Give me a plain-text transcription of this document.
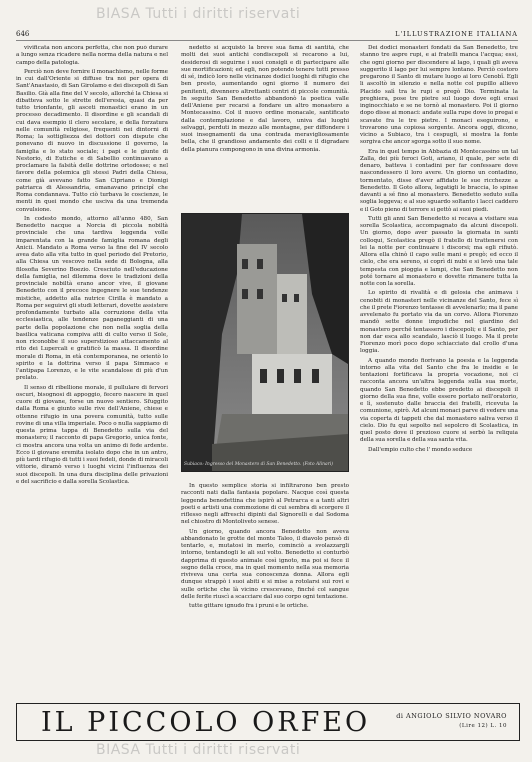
BIASA Tutti i diritti riservati
646	L'ILLUSTRAZIONE ITALIANA

vivificata non ancora perfetta, che non può durare a lungo senza ricadere nella norma della natura e nel campo della patologia.

Perciò non deve fornire il monachismo, nelle forme in cui dall'Oriente si diffuse tra noi per opera di Sant'Anastasio, di San Girolamo e dei discepoli di San Basilio. Già alla fine del V secolo, allorché la Chiesa si dibatteva sotto le strette dell'eresia, quasi da per tutto trionfante, gli asceti monastici erano in un processo decadimento. Il disordine e gli scandali di cui dava esempio il clero secolare, e della forzatura nelle comunità religiose, frequenti nei dintorni di Roma; la sottigliezza dei dottori con dispute che ponevano di nuovo in discussione il governo, la famiglia e lo stato sociale; i papi e le giunte di Nestorio, di Eutiche e di Sabellio continuavano a proclamare la falsità delle dottrine ortodosse; e nel favore della polemica gli stessi Padri della Chiesa, come già avevano fatto San Cipriano e Dionigi patriarca di Alessandria, emanavano principî che Roma condannava. Tutto ciò turbava le coscienze, le menti in quei mondo che usciva da una tremenda convulsione.

In codesto mondo, attorno all'anno 480, San Benedetto nacque a Norcia di piccola nobiltà provinciale che una tardiva leggenda volle imparentata con la grande famiglia romana degli Anicii. Mandato a Roma verso la fine del IV secolo avea dato alla vita tutto in quel periodo del Pretorio, alla Chiesa un vescovo nella sede di Bologna, alla filosofia Severino Boezio. Cresciuto nell'educazione della famiglia, nel dilemma dove le tradizioni della provinciale nobiltà erano ancor vive, il giovane Benedetto con il precoce ingegnere le sue tendenze mistiche, addetto alla nutrice Cirilla è mandato a Roma per seguirvi gli studi letterari, dovette assistere profondamente turbato alla corruzione della vita ecclesiastica, alle tendenze paganeggianti di una parte della popolazione che non nella soglia della basilica vaticana compiva atti di culto verso il Sole, non riconobbe il suo superstizioso attaccamento al rito dei Lupercali e gratificò la massa. Il disordine morale di Roma, in età contemporanea, ne orientò lo spirito e la dottrina verso il papa Simmaco e l'antipapa Lorenzo, e le vite scandalose di più d'un prelato.

Il senso di ribellione morale, il pullulare di fervori oscuri, bisognosi di appoggio, fecero nascere in quel cuore di giovane, forse un nuovo sentiero. Sfuggito dalla Roma e giunto sulle rive dell'Aniene, chiese e ottenne rifugio in una povera comunità, tutto sulle rovine di una villa imperiale. Poco o nulla sappiamo di questa prima tappa di Benedetto sulla via del monastero; il racconto di papa Gregorio, unica fonte, ci mostra ancora una volta un animo di fede ardente. Ecco il giovane eremita isolato dopo che in un antro, più tardi rifugio di tutti i suoi fedeli, donde di miracoli vittorie, diramò verso i luoghi vicini l'influenza dei suoi discepoli. In una dura disciplina delle privazioni e del sacrificio e dalla sorella Scolastica.

nedetto si acquistò la breve sua fama di santità, che molti dei suoi antichi condiscepoli si recarono a lui, desiderosi di seguirne i suoi consigli e di partecipare alle sue mortificazioni; ed egli, non potendo tenere tutti presso di sé, indicò loro nelle vicinanze dodici luoghi di rifugio che ben presto, aumentando ogni giorno il numero dei penitenti, divennero altrettanti centri di piccole comunità. In seguito San Benedetto abbandonò la poetica valle dell'Aniene per recarsi a fondare un altro monastero a Montecassino. Col il nuovo ordine monacale, santificato dalla contemplazione e dal lavoro, univa dai luoghi selvaggi, perduti in mezzo alle montagne, per diffondere i suoi insegnamenti da una contrada meravigliosamente bella, che il grandioso andamento dei colli e il digradare della pianura compongono in una divina armonia.

Subiaco: Ingresso del Monastero di San Benedetto. (Foto Alinari)

In questo semplice storia si infiltrarono ben presto racconti nati dalla fantasia popolare. Nacque così questa leggenda benedettina che ispirò al Petrarca e a tanti altri poeti e artisti una commozione di cui sembra di scorgere il riflesso negli affreschi dipinti dal Signorelli e dal Sodoma nel chiostro di Montoliveto senese.

Un giorno, quando ancora Benedetto non aveva abbandonato le grotte del monte Taleo, il diavolo pensò di tentarlo, e, mutatosi in merlo, cominciò a svolazzargli intorno, tentandogli le ali sul volto. Benedetto si conturbò dapprima di questo animale così ignoto, ma poi si fece il segno della croce, ma in quel momento nella sua memoria riviveva una certa sua conoscenza donna. Allora egli dunque strappò i suoi abiti e si mise a rotolarsi sui rovi e sulle ortiche che là vicino crescevano, finché col sangue delle ferite riuscì a scacciare dal suo corpo ogni tentazione.

tutte gittare ignudo fra i pruni e le ortiche.

Dei dodici monasteri fondati da San Benedetto, tre stanno tre aspre rupi, e ai fratelli manca l'acqua; essi, che ogni giorno per discendere al lago, i quali gli aveva suggerito il lago per lui sempre lontano. Perciò costoro pregarono il Santo di mutare luogo ai loro Cenobî. Egli li ascoltò in silenzio e nella notte col pupillo allievo Placido salì tra le rupi e pregò Dio. Terminata la preghiera, pose tre pietre sul luogo dove egli erasi inginocchiato e se ne tornò al monastero. Poi il giorno dopo disse ai monaci: andate sulla rupe dove io pregai e scavate fra le tre pietre. I monaci eseguirono, e trovarono una copiosa sorgente. Ancora oggi, dicono, vicino a Subiaco, tra i cespugli, si mostra la fonte sorgiva che ancor sgorga sotto il suo nome.

Era in quel tempo in Abbazia di Montecassino un tal Zalla, dei più feroci Goti, ariano, il quale, per sete di denaro, batteva i contadini per far confessare dove nascondessero il loro avere. Un giorno un contadino, tormentato, disse d'aver affidato le sue ricchezze a Benedetto. Il Goto allora, legatigli le braccia, lo spinse davanti a sé fino al monastero. Benedetto seduto sulla soglia leggeva; e al suo sguardo soltanto i lacci caddero e il Goto pieno di terrore si gettò ai suoi piedi.

Tutti gli anni San Benedetto si recava a visitare sua sorella Scolastica, accompagnato da alcuni discepoli. Un giorno, dopo aver passato la giornata in santi colloqui, Scolastica pregò il fratello di trattenersi con lei la notte per continuare i discorsi; ma egli rifiutò. Allora ella chinò il capo sulle mani e pregò; ed ecco il cielo, che era sereno, si coprì di nubi e si levò una tale tempesta con pioggia e lampi, che San Benedetto non poté tornare al monastero e dovette rimanere tutta la notte con la sorella.

Lo spirito di rivalità e di gelosia che animava i cenobiti di monasteri nelle vicinanze del Santo, fece sì che il prete Fiorenzo tentasse di avvelenarlo; ma il pane avvelenato fu portato via da un corvo. Allora Fiorenzo mandò sette donne impudiche nel giardino del monastero perché tentassero i discepoli; e il Santo, per non dar esca allo scandalo, lasciò il luogo. Ma il prete Fiorenzo morì poco dopo schiacciato dal crollo d'una loggia.

A quando mondo fiorivano la poesia e la leggenda intorno alla vita del Santo che fra le insidie e le tentazioni fortificava la propria vocazione, noi ci racconta ancora un'altra leggenda sulla sua morte, quando San Benedetto ebbe predetto ai discepoli il giorno della sua fine, volle essere portato nell'oratorio, e lì, sostenuto dalle braccia dei fratelli, ricevuta la comunione, spirò. Ad alcuni monaci parve di vedere una via coperta di tappeti che dal monastero saliva verso il cielo. Dio fu qui sepolto nel sepolcro di Scolastica, in quel posto dove il prezioso cuore si serbò la reliquia della sua sorella e della sua santa vita.

Dall'empio culto che l' mondo seduce

IL PICCOLO ORFEO	di ANGIOLO SILVIO NOVARO
(Lire 12) L. 10
BIASA Tutti i diritti riservati
